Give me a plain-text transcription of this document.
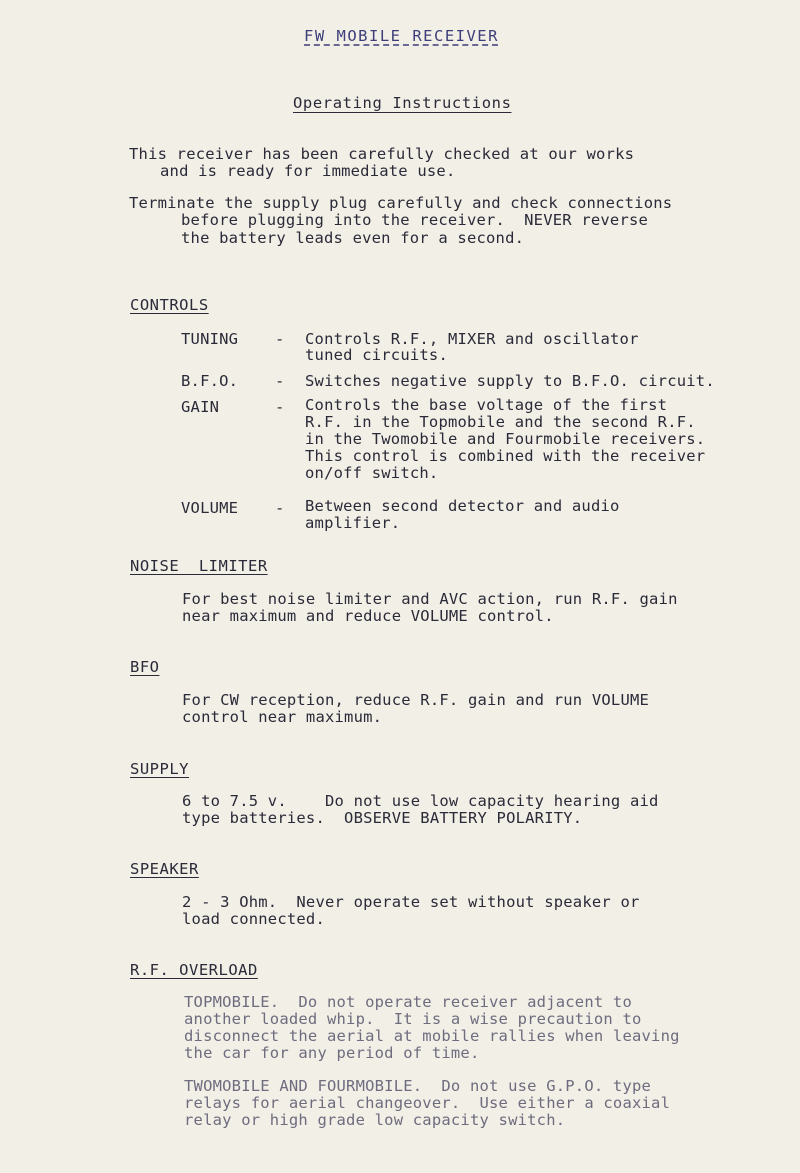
FW MOBILE RECEIVER
Operating Instructions
This receiver has been carefully checked at our works
and is ready for immediate use.
Terminate the supply plug carefully and check connections
before plugging into the receiver.  NEVER reverse
the battery leads even for a second.
CONTROLS
TUNING - Controls R.F., MIXER and oscillator
tuned circuits.
B.F.O. - Switches negative supply to B.F.O. circuit.
GAIN	- Controls the base voltage of the first
R.F. in the Topmobile and the second R.F.
in the Twomobile and Fourmobile receivers.
This control is combined with the receiver
on/off switch.
VOLUME - Between second detector and audio
amplifier.
NOISE  LIMITER
For best noise limiter and AVC action, run R.F. gain
near maximum and reduce VOLUME control.
BFO
For CW reception, reduce R.F. gain and run VOLUME
control near maximum.
SUPPLY
6 to 7.5 v.    Do not use low capacity hearing aid
type batteries.  OBSERVE BATTERY POLARITY.
SPEAKER
2 - 3 Ohm.  Never operate set without speaker or
load connected.
R.F. OVERLOAD
TOPMOBILE.  Do not operate receiver adjacent to
another loaded whip.  It is a wise precaution to
disconnect the aerial at mobile rallies when leaving
the car for any period of time.
TWOMOBILE AND FOURMOBILE.  Do not use G.P.O. type
relays for aerial changeover.  Use either a coaxial
relay or high grade low capacity switch.
